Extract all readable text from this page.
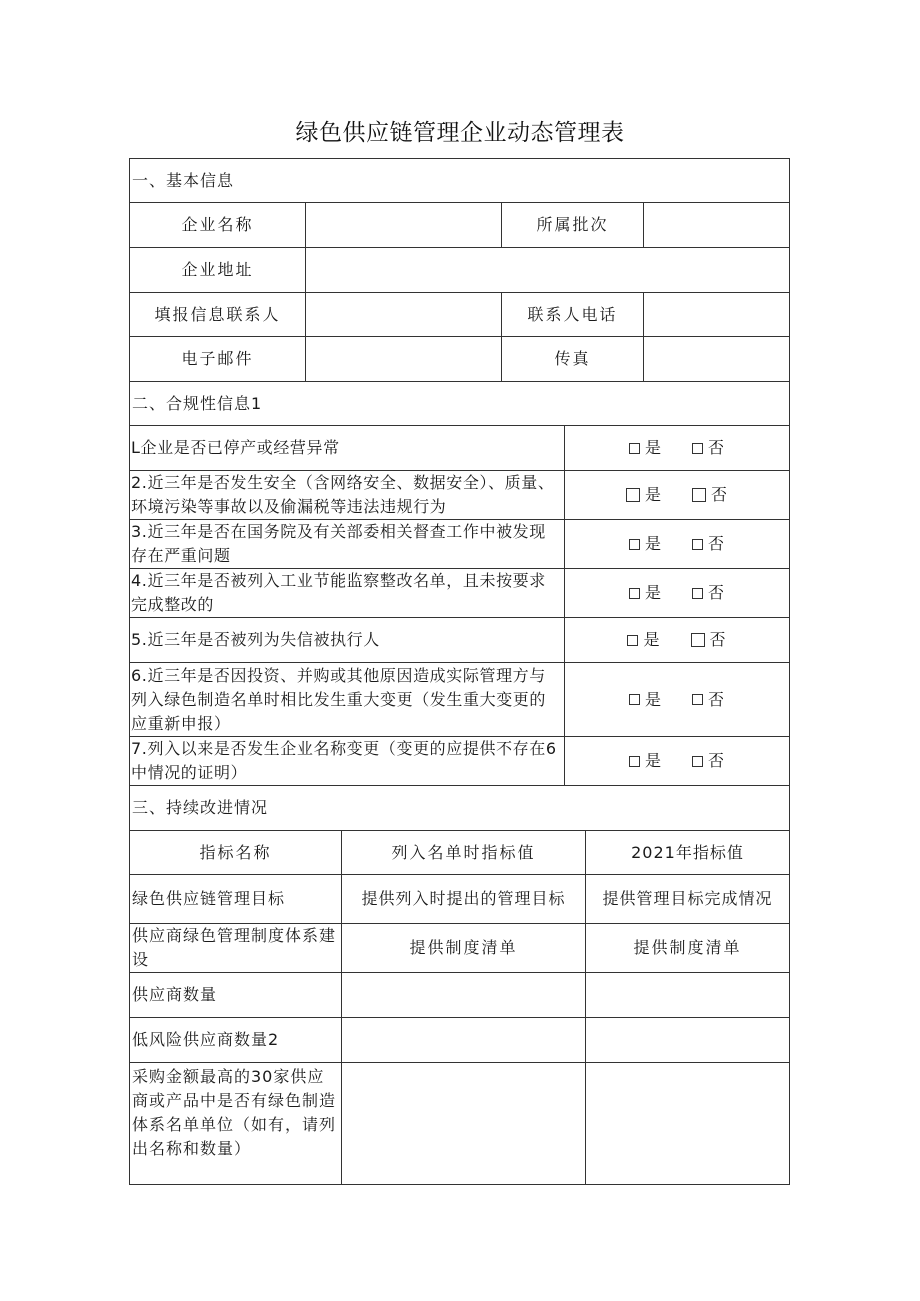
绿色供应链管理企业动态管理表
一、基本信息
企业名称	所属批次
企业地址
填报信息联系人	联系人电话
电子邮件	传真
二、合规性信息1
L企业是否已停产或经营异常	是	否
2.近三年是否发生安全（含网络安全、数据安全）、质量、环境污染等事故以及偷漏税等违法违规行为
是	否
3.近三年是否在国务院及有关部委相关督查工作中被发现存在严重问题
是	否
4.近三年是否被列入工业节能监察整改名单，且未按要求完成整改的
是	否
5.近三年是否被列为失信被执行人	是	否
6.近三年是否因投资、并购或其他原因造成实际管理方与列入绿色制造名单时相比发生重大变更（发生重大变更的应重新申报）
是	否
7.列入以来是否发生企业名称变更（变更的应提供不存在6中情况的证明）
是	否
三、持续改进情况
指标名称	列入名单时指标值	2021年指标值
绿色供应链管理目标	提供列入时提出的管理目标	提供管理目标完成情况
供应商绿色管理制度体系建设
提供制度清单	提供制度清单
供应商数量
低风险供应商数量2
采购金额最高的30家供应商或产品中是否有绿色制造体系名单单位（如有，请列出名称和数量）
